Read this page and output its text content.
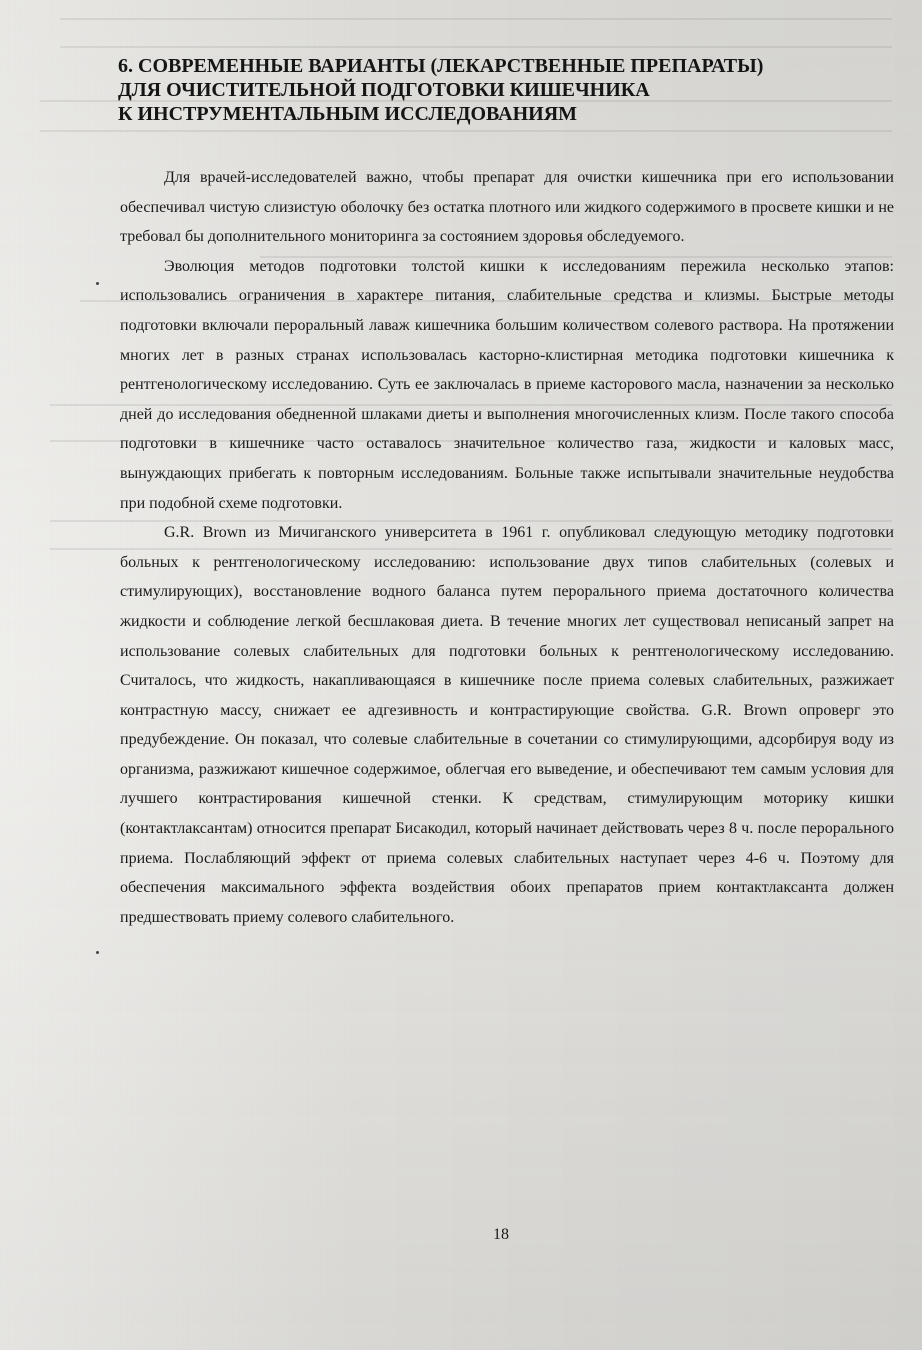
6. СОВРЕМЕННЫЕ ВАРИАНТЫ (ЛЕКАРСТВЕННЫЕ ПРЕПАРАТЫ)
ДЛЯ ОЧИСТИТЕЛЬНОЙ ПОДГОТОВКИ КИШЕЧНИКА
К ИНСТРУМЕНТАЛЬНЫМ ИССЛЕДОВАНИЯМ

Для врачей-исследователей важно, чтобы препарат для очистки кишечника при его использовании обеспечивал чистую слизистую оболочку без остатка плотного или жидкого содержимого в просвете кишки и не требовал бы дополнительного мониторинга за состоянием здоровья обследуемого.

Эволюция методов подготовки толстой кишки к исследованиям пережила несколько этапов: использовались ограничения в характере питания, слабительные средства и клизмы. Быстрые методы подготовки включали пероральный лаваж кишечника большим количеством солевого раствора. На протяжении многих лет в разных странах использовалась касторно-клистирная методика подготовки кишечника к рентгенологическому исследованию. Суть ее заключалась в приеме касторового масла, назначении за несколько дней до исследования обедненной шлаками диеты и выполнения многочисленных клизм. После такого способа подготовки в кишечнике часто оставалось значительное количество газа, жидкости и каловых масс, вынуждающих прибегать к повторным исследованиям. Больные также испытывали значительные неудобства при подобной схеме подготовки.

G.R. Brown из Мичиганского университета в 1961 г. опубликовал следующую методику подготовки больных к рентгенологическому исследованию: использование двух типов слабительных (солевых и стимулирующих), восстановление водного баланса путем перорального приема достаточного количества жидкости и соблюдение легкой бесшлаковая диета. В течение многих лет существовал неписаный запрет на использование солевых слабительных для подготовки больных к рентгенологическому исследованию. Считалось, что жидкость, накапливающаяся в кишечнике после приема солевых слабительных, разжижает контрастную массу, снижает ее адгезивность и контрастирующие свойства. G.R. Brown опроверг это предубеждение. Он показал, что солевые слабительные в сочетании со стимулирующими, адсорбируя воду из организма, разжижают кишечное содержимое, облегчая его выведение, и обеспечивают тем самым условия для лучшего контрастирования кишечной стенки. К средствам, стимулирующим моторику кишки (контактлаксантам) относится препарат Бисакодил, который начинает действовать через 8 ч. после перорального приема. Послабляющий эффект от приема солевых слабительных наступает через 4-6 ч. Поэтому для обеспечения максимального эффекта воздействия обоих препаратов прием контактлаксанта должен предшествовать приему солевого слабительного.

18
